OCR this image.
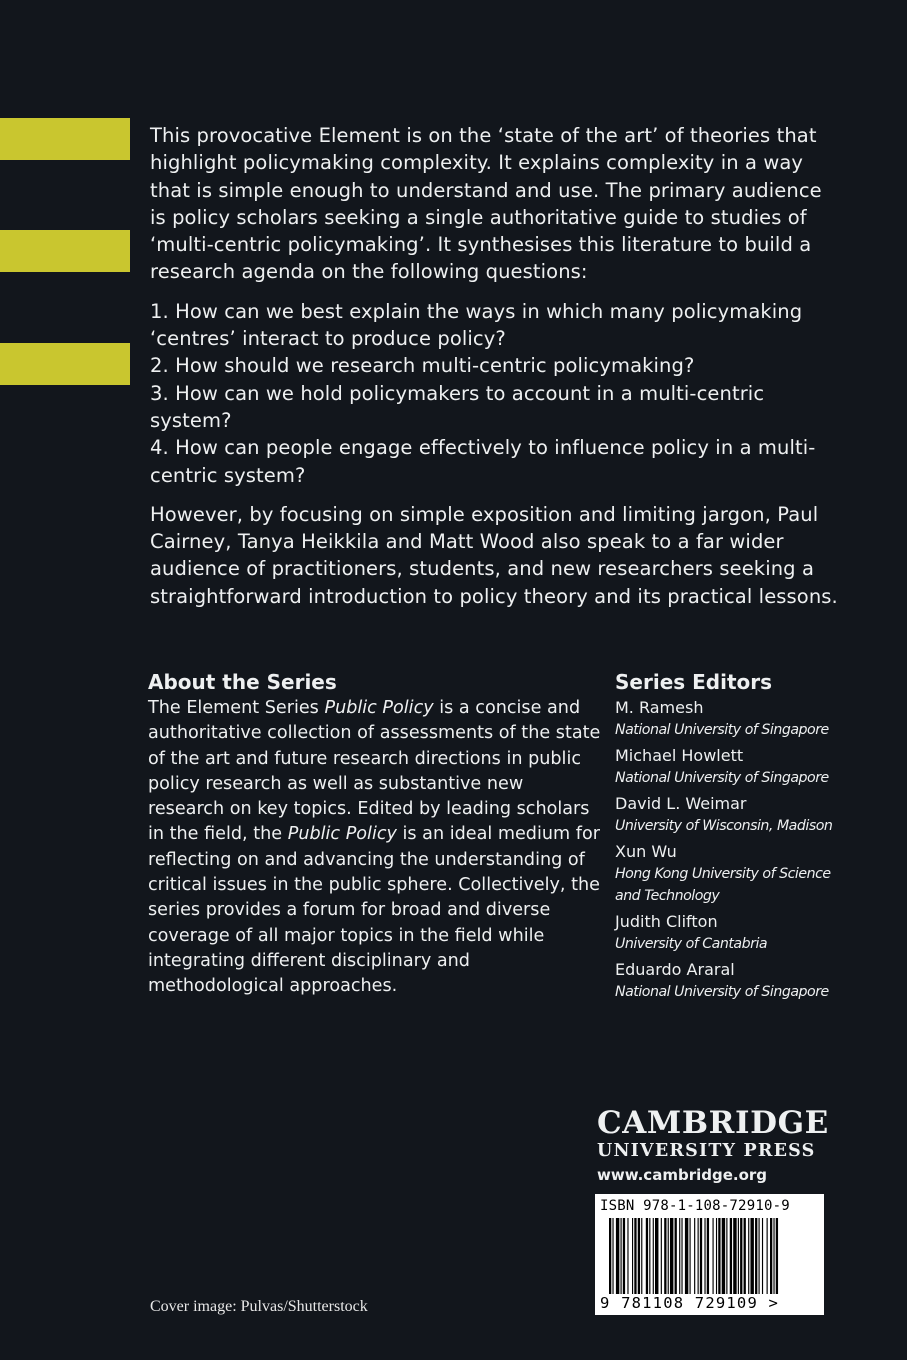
This provocative Element is on the ‘state of the art’ of theories that highlight policymaking complexity. It explains complexity in a way that is simple enough to understand and use. The primary audience is policy scholars seeking a single authoritative guide to studies of ‘multi-centric policymaking’. It synthesises this literature to build a research agenda on the following questions:

1. How can we best explain the ways in which many policymaking ‘centres’ interact to produce policy?
2. How should we research multi-centric policymaking?
3. How can we hold policymakers to account in a multi-centric system?
4. How can people engage effectively to influence policy in a multi-centric system?

However, by focusing on simple exposition and limiting jargon, Paul Cairney, Tanya Heikkila and Matt Wood also speak to a far wider audience of practitioners, students, and new researchers seeking a straightforward introduction to policy theory and its practical lessons.

About the Series
The Element Series Public Policy is a concise and authoritative collection of assessments of the state of the art and future research directions in public policy research as well as substantive new research on key topics. Edited by leading scholars in the field, the Public Policy is an ideal medium for reflecting on and advancing the understanding of critical issues in the public sphere. Collectively, the series provides a forum for broad and diverse coverage of all major topics in the field while integrating different disciplinary and methodological approaches.
Series Editors
M. Ramesh
National University of Singapore
Michael Howlett
National University of Singapore
David L. Weimar
University of Wisconsin, Madison
Xun Wu
Hong Kong University of Science and Technology
Judith Clifton
University of Cantabria
Eduardo Araral
National University of Singapore
CAMBRIDGE
UNIVERSITY PRESS
www.cambridge.org
ISBN 978-1-108-72910-9
9 781108 729109 >
Cover image: Pulvas/Shutterstock
